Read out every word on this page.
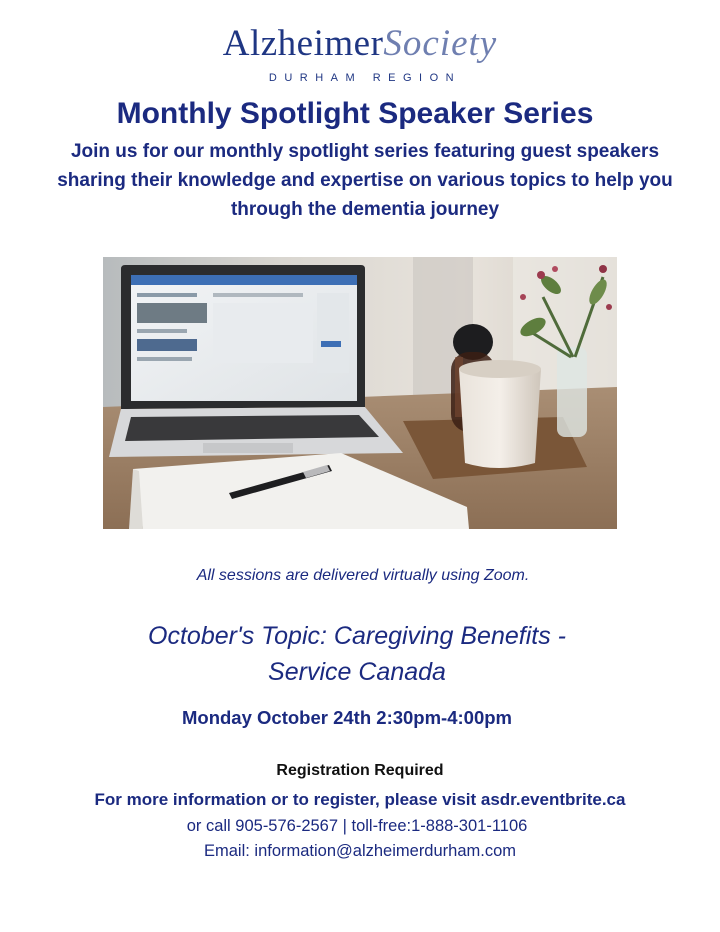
AlzheimerSociety
DURHAM REGION
Monthly Spotlight Speaker Series

Join us for our monthly spotlight series featuring guest speakers sharing their knowledge and expertise on various topics to help you through the dementia journey

All sessions are delivered virtually using Zoom.

October's Topic: Caregiving Benefits -
Service Canada

Monday October 24th 2:30pm-4:00pm

Registration Required

For more information or to register, please visit asdr.eventbrite.ca

or call 905-576-2567 | toll-free:1-888-301-1106

Email: information@alzheimerdurham.com
